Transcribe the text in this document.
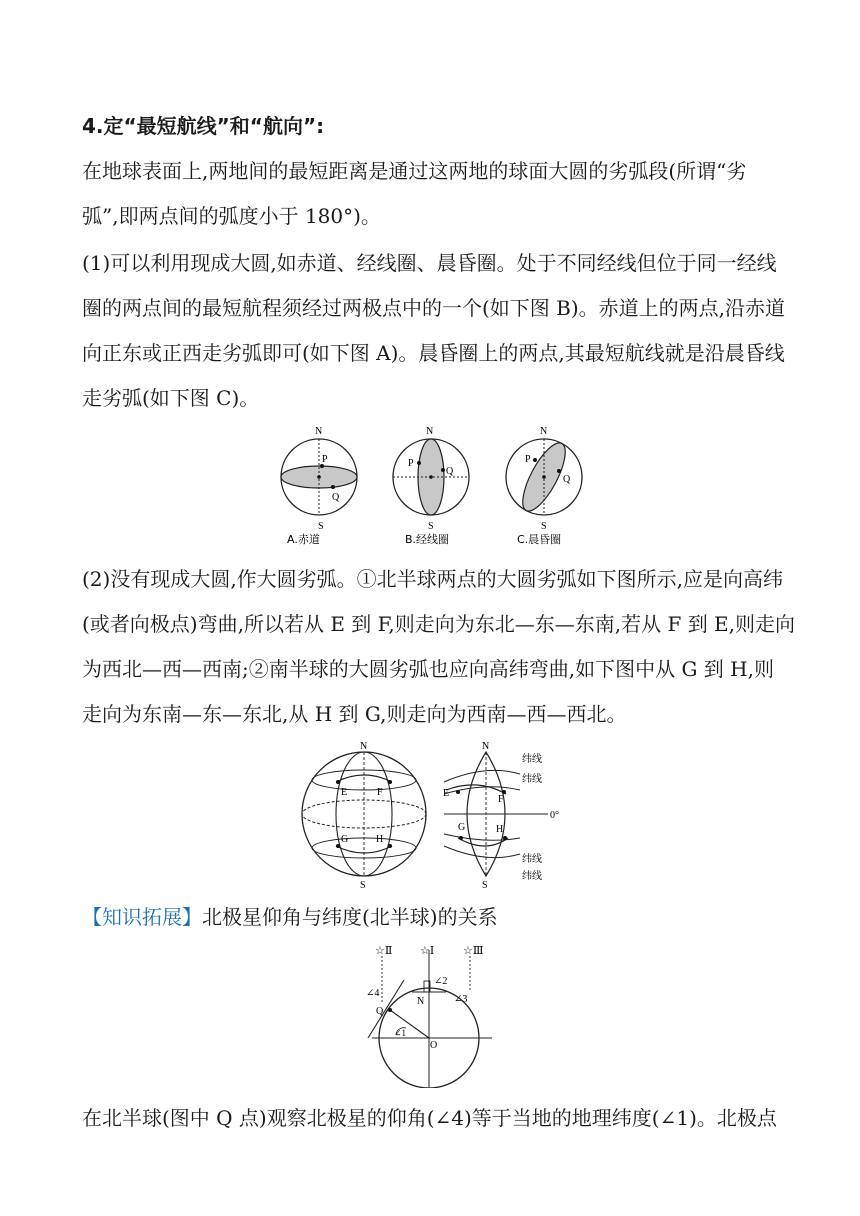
4.定“最短航线”和“航向”:
在地球表面上,两地间的最短距离是通过这两地的球面大圆的劣弧段(所谓“劣
弧”,即两点间的弧度小于 180°)。
(1)可以利用现成大圆,如赤道、经线圈、晨昏圈。处于不同经线但位于同一经线
圈的两点间的最短航程须经过两极点中的一个(如下图 B)。赤道上的两点,沿赤道
向正东或正西走劣弧即可(如下图 A)。晨昏圈上的两点,其最短航线就是沿晨昏线
走劣弧(如下图 C)。
N
S
P
Q
A.赤道
N
S
P
Q
B.经线圈
N
S
P
Q
C.晨昏圈
(2)没有现成大圆,作大圆劣弧。①北半球两点的大圆劣弧如下图所示,应是向高纬
(或者向极点)弯曲,所以若从 E 到 F,则走向为东北—东—东南,若从 F 到 E,则走向
为西北—西—西南;②南半球的大圆劣弧也应向高纬弯曲,如下图中从 G 到 H,则
走向为东南—东—东北,从 H 到 G,则走向为西南—西—西北。
N
S
E	F
G	H
N
S
E
F
G	H
0°
纬线
纬线
纬线
纬线
【知识拓展】北极星仰角与纬度(北半球)的关系
☆Ⅱ	☆Ⅰ	☆Ⅲ
∠4
∠2
∠3
∠1
Q
N
O
在北半球(图中 Q 点)观察北极星的仰角(∠4)等于当地的地理纬度(∠1)。北极点
